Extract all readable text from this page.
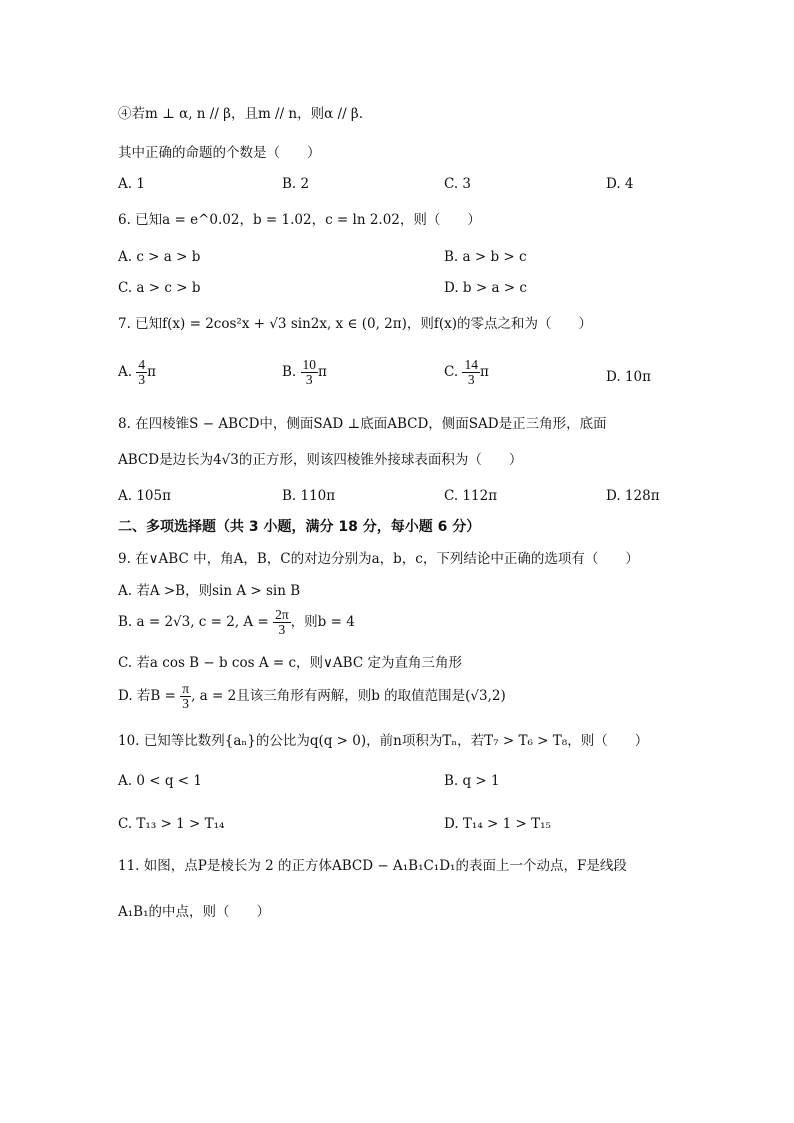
④若m ⊥ α, n // β，且m // n，则α // β.
其中正确的命题的个数是（　　）
A. 1	B. 2	C. 3	D. 4
6. 已知a = e^0.02，b = 1.02，c = ln 2.02，则（　　）
A. c > a > b	B. a > b > c
C. a > c > b	D. b > a > c
7. 已知f(x) = 2cos²x + √3 sin2x, x ∈ (0, 2π)，则f(x)的零点之和为（　　）
A. $\frac{4}{3}$ π	B. $\frac{10}{3}$ π	C. $\frac{14}{3}$ π	D. 10π
8. 在四棱锥S − ABCD中，侧面SAD ⊥底面ABCD，侧面SAD是正三角形，底面
ABCD是边长为4√3的正方形，则该四棱锥外接球表面积为（　　）
A. 105π	B. 110π	C. 112π	D. 128π
二、多项选择题（共 3 小题，满分 18 分，每小题 6 分）
9. 在∨ABC 中，角A，B，C的对边分别为a，b，c，下列结论中正确的选项有（　　）
A. 若A >B，则sin A > sin B
B. a = 2√3, c = 2, $A = \frac{2\pi}{3}$ ，则b = 4
C. 若a cos B − b cos A = c，则∨ABC 定为直角三角形
D. 若$B = \frac{\pi}{3}$ , a = 2且该三角形有两解，则b 的取值范围是(√3,2)
10. 已知等比数列{aₙ}的公比为q(q > 0)，前n项积为Tₙ，若T₇ > T₆ > T₈，则（　　）
A. 0 < q < 1	B. q > 1
C. T₁₃ > 1 > T₁₄	D. T₁₄ > 1 > T₁₅
11. 如图，点P是棱长为 2 的正方体ABCD − A₁B₁C₁D₁的表面上一个动点，F是线段
A₁B₁的中点，则（　　）
